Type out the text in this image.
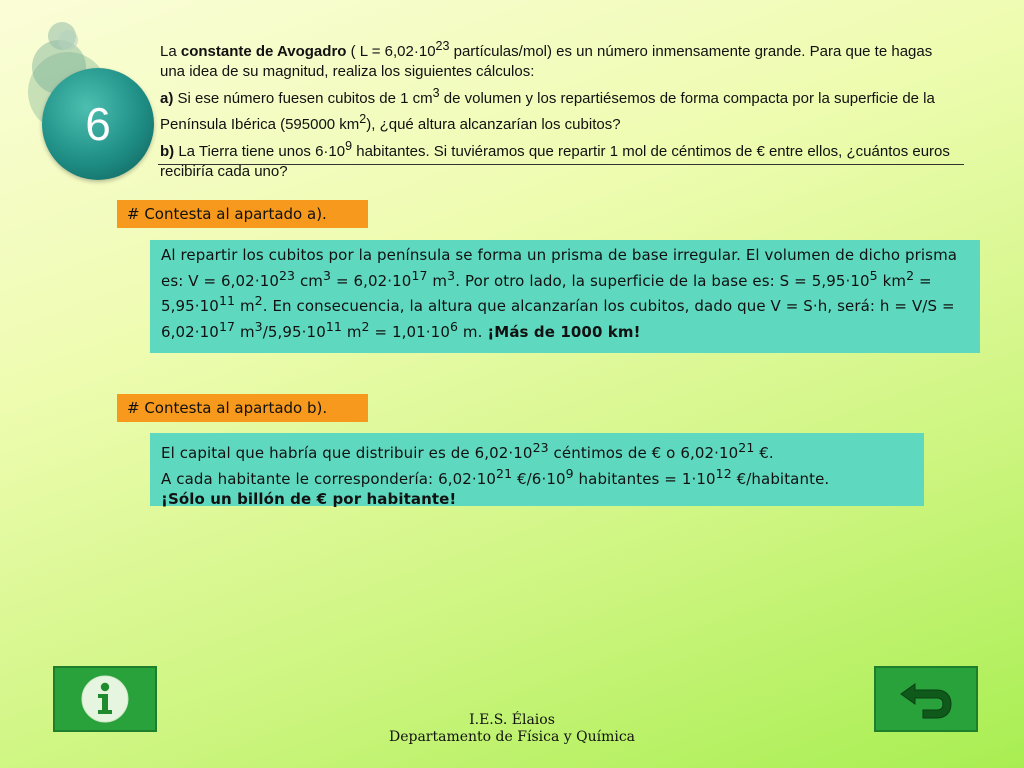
6

La constante de Avogadro ( $L = 6,02\cdot 10^{23}$ partículas/mol) es un número inmensamente grande. Para que te hagas una idea de su magnitud, realiza los siguientes cálculos:

a) Si ese número fuesen cubitos de 1 $cm^3$ de volumen y los repartiésemos de forma compacta por la superficie de la Península Ibérica (595000 $km^2$), ¿qué altura alcanzarían los cubitos?

b) La Tierra tiene unos $6\cdot 10^9$ habitantes. Si tuviéramos que repartir 1 mol de céntimos de € entre ellos, ¿cuántos euros recibiría cada uno?

# Contesta al apartado a).

Al repartir los cubitos por la península se forma un prisma de base irregular. El volumen de dicho prisma es: $V = 6,02\cdot 10^{23}$ $cm^3 = 6,02\cdot 10^{17}$ $m^3$. Por otro lado, la superficie de la base es: $S = 5,95\cdot 10^5$ $km^2 = 5,95\cdot 10^{11}$ $m^2$. En consecuencia, la altura que alcanzarían los cubitos, dado que V = S·h, será: $h = V/S = 6,02\cdot 10^{17}$ $m^3/5,95\cdot 10^{11}$ $m^2 = 1,01\cdot 10^6$ m. ¡Más de 1000 km!

# Contesta al apartado b).

El capital que habría que distribuir es de $6,02\cdot 10^{23}$ céntimos de € o $6,02\cdot 10^{21}$ €.

A cada habitante le correspondería: $6,02\cdot 10^{21}$ $€/6\cdot 10^9$ habitantes = $1\cdot 10^{12}$ €/habitante.

¡Sólo un billón de € por habitante!

I.E.S. Élaios
Departamento de Física y Química
